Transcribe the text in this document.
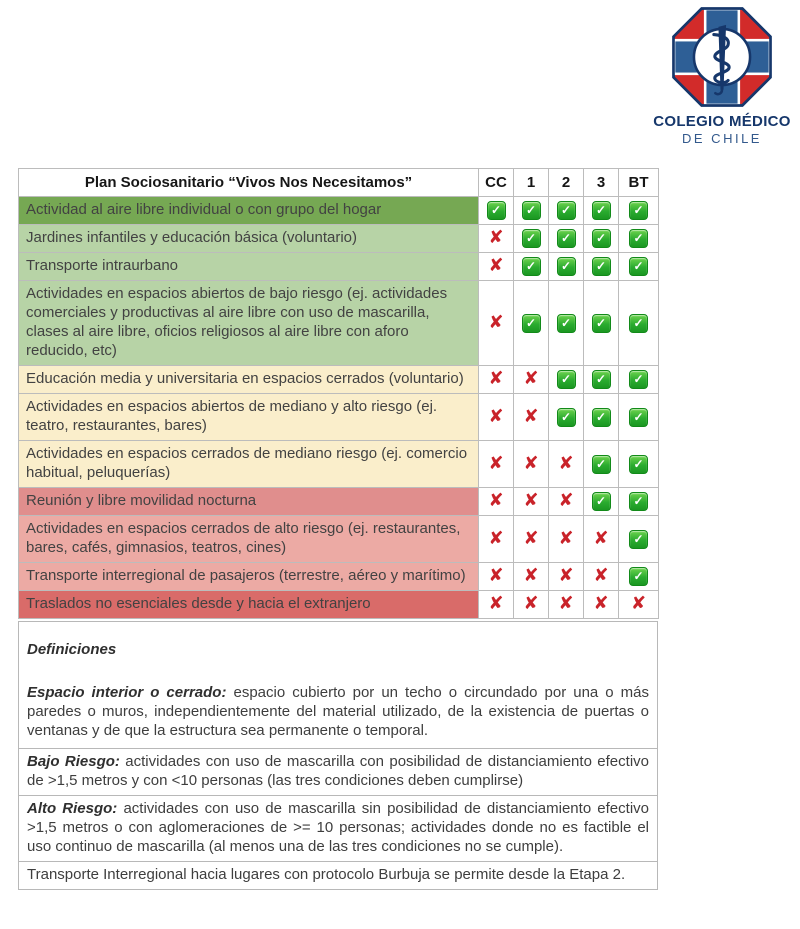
COLEGIO MÉDICO
DE CHILE
Plan Sociosanitario “Vivos Nos Necesitamos”	CC	1	2	3	BT
Actividad al aire libre individual o con grupo del hogar	✓	✓	✓	✓	✓
Jardines infantiles y educación básica (voluntario)	✘	✓	✓	✓	✓
Transporte intraurbano	✘	✓	✓	✓	✓
Actividades en espacios abiertos de bajo riesgo (ej. actividades comerciales y productivas al aire libre con uso de mascarilla, clases al aire libre, oficios religiosos al aire libre con aforo reducido, etc)	✘	✓	✓	✓	✓
Educación media y universitaria en espacios cerrados (voluntario)	✘	✘	✓	✓	✓
Actividades en espacios abiertos de mediano y alto riesgo (ej. teatro, restaurantes, bares)	✘	✘	✓	✓	✓
Actividades en espacios cerrados de mediano riesgo (ej. comercio habitual, peluquerías)	✘	✘	✘	✓	✓
Reunión y libre movilidad nocturna	✘	✘	✘	✓	✓
Actividades en espacios cerrados de alto riesgo (ej. restaurantes, bares, cafés, gimnasios, teatros, cines)	✘	✘	✘	✘	✓
Transporte interregional de pasajeros (terrestre, aéreo y marítimo)	✘	✘	✘	✘	✓
Traslados no esenciales desde y hacia el extranjero	✘	✘	✘	✘	✘

Definiciones

Espacio interior o cerrado: espacio cubierto por un techo o circundado por una o más paredes o muros, independientemente del material utilizado, de la existencia de puertas o ventanas y de que la estructura sea permanente o temporal.

Bajo Riesgo: actividades con uso de mascarilla con posibilidad de distanciamiento efectivo de >1,5 metros y con <10 personas (las tres condiciones deben cumplirse)
Alto Riesgo: actividades con uso de mascarilla sin posibilidad de distanciamiento efectivo >1,5 metros o con aglomeraciones de >= 10 personas; actividades donde no es factible el uso continuo de mascarilla (al menos una de las tres condiciones no se cumple).
Transporte Interregional hacia lugares con protocolo Burbuja se permite desde la Etapa 2.
